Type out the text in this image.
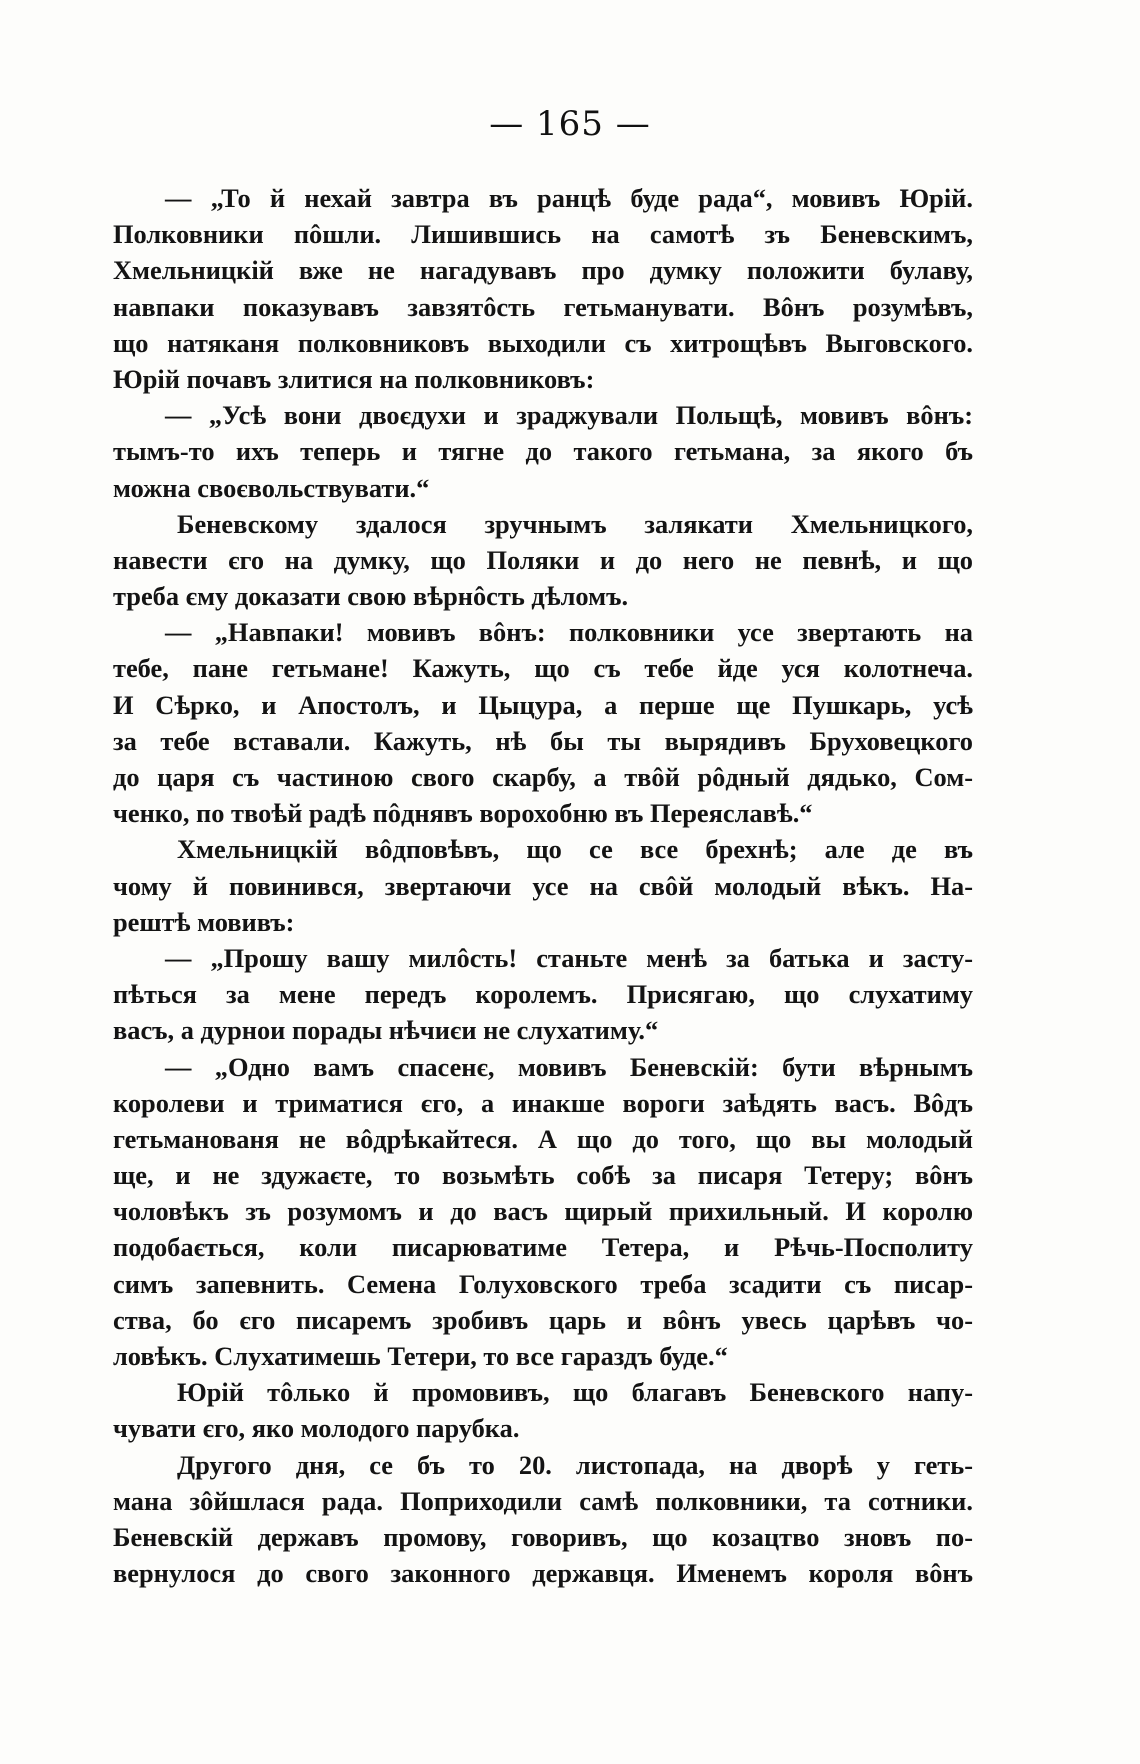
— 165 —
— „То й нехай завтра въ ранцѣ буде рада“, мовивъ Юрій.
Полковники пôшли. Лишившись на самотѣ зъ Беневскимъ,
Хмельницкій вже не нагадувавъ про думку положити булаву,
навпаки показувавъ завзятôсть гетьманувати. Вôнъ розумѣвъ,
що натяканя полковниковъ выходили съ хитрощѣвъ Выговского.
Юрій почавъ злитися на полковниковъ:
— „Усѣ вони двоєдухи и зраджували Польщѣ, мовивъ вôнъ:
тымъ-то ихъ теперь и тягне до такого гетьмана, за якого бъ
можна своєвольствувати.“
Беневскому здалося зручнымъ залякати Хмельницкого,
навести єго на думку, що Поляки и до него не певнѣ, и що
треба єму доказати свою вѣрнôсть дѣломъ.
— „Навпаки! мовивъ вôнъ: полковники усе звертають на
тебе, пане гетьмане! Кажуть, що съ тебе йде уся колотнеча.
И Сѣрко, и Апостолъ, и Цыцура, а перше ще Пушкарь, усѣ
за тебе вставали. Кажуть, нѣ бы ты вырядивъ Бруховецкого
до царя съ частиною свого скарбу, а твôй рôдный дядько, Сом-
ченко, по твоѣй радѣ пôднявъ ворохобню въ Переяславѣ.“
Хмельницкій вôдповѣвъ, що се все брехнѣ; але де въ
чому й повинився, звертаючи усе на свôй молодый вѣкъ. На-
рештѣ мовивъ:
— „Прошу вашу милôсть! станьте менѣ за батька и засту-
пѣться за мене передъ королемъ. Присягаю, що слухатиму
васъ, а дурнои порады нѣчиєи не слухатиму.“
— „Одно вамъ спасенє, мовивъ Беневскій: бути вѣрнымъ
королеви и триматися єго, а инакше вороги заѣдять васъ. Вôдъ
гетьманованя не вôдрѣкайтеся. А що до того, що вы молодый
ще, и не здужаєте, то возьмѣть собѣ за писаря Тетеру; вôнъ
чоловѣкъ зъ розумомъ и до васъ щирый прихильный. И королю
подобається, коли писарюватиме Тетера, и Рѣчь-Посполиту
симъ запевнить. Семена Голуховского треба зсадити съ писар-
ства, бо єго писаремъ зробивъ царь и вôнъ увесь царѣвъ чо-
ловѣкъ. Слухатимешь Тетери, то все гараздъ буде.“
Юрій тôлько й промовивъ, що благавъ Беневского напу-
чувати єго, яко молодого парубка.
Другого дня, се бъ то 20. листопада, на дворѣ у геть-
мана зôйшлася рада. Поприходили самѣ полковники, та сотники.
Беневскій державъ промову, говоривъ, що козацтво зновъ по-
вернулося до свого законного державця. Именемъ короля вôнъ
